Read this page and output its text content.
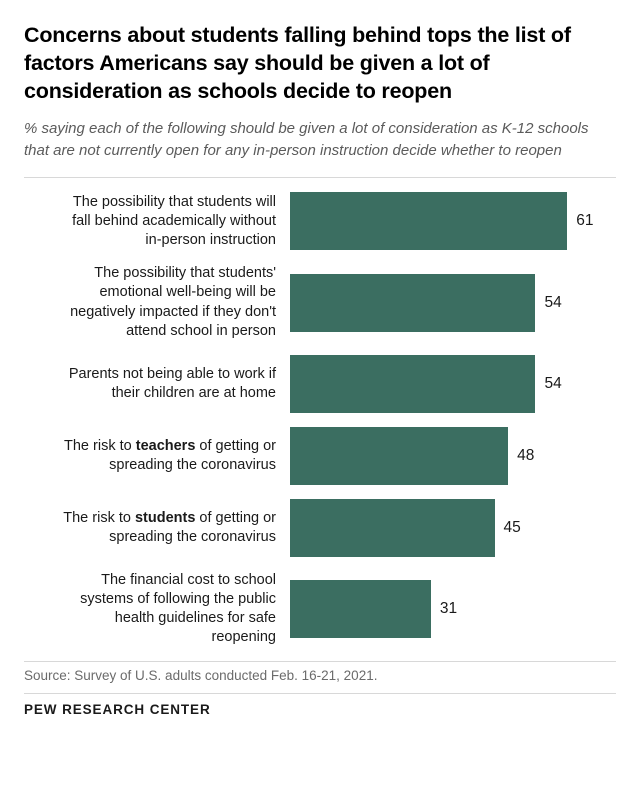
Concerns about students falling behind tops the list of factors Americans say should be given a lot of consideration as schools decide to reopen

% saying each of the following should be given a lot of consideration as K-12 schools that are not currently open for any in-person instruction decide whether to reopen

The possibility that students will
fall behind academically without
in-person instruction
61
The possibility that students'
emotional well-being will be
negatively impacted if they don't
attend school in person
54
Parents not being able to work if
their children are at home
54
The risk to teachers of getting or
spreading the coronavirus
48
The risk to students of getting or
spreading the coronavirus
45
The financial cost to school
systems of following the public
health guidelines for safe
reopening
31
Source: Survey of U.S. adults conducted Feb. 16-21, 2021.
PEW RESEARCH CENTER
